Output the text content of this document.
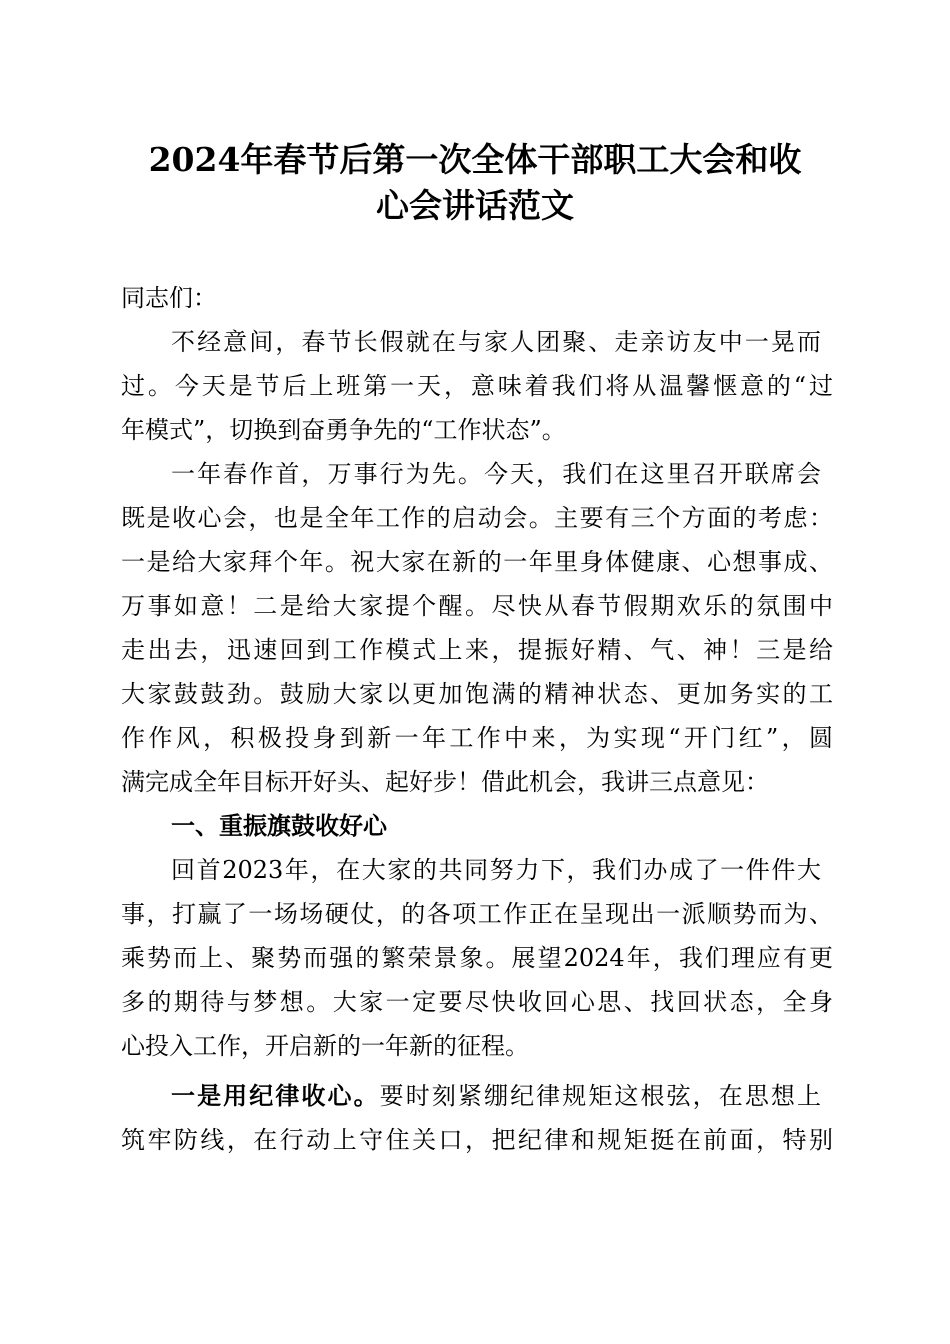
2024年春节后第一次全体干部职工大会和收
心会讲话范文
同志们：
不经意间，春节长假就在与家人团聚、走亲访友中一晃而
过。今天是节后上班第一天，意味着我们将从温馨惬意的“过
年模式”，切换到奋勇争先的“工作状态”。
一年春作首，万事行为先。今天，我们在这里召开联席会
既是收心会，也是全年工作的启动会。主要有三个方面的考虑：
一是给大家拜个年。祝大家在新的一年里身体健康、心想事成、
万事如意！二是给大家提个醒。尽快从春节假期欢乐的氛围中
走出去，迅速回到工作模式上来，提振好精、气、神！三是给
大家鼓鼓劲。鼓励大家以更加饱满的精神状态、更加务实的工
作作风，积极投身到新一年工作中来，为实现“开门红”，圆
满完成全年目标开好头、起好步！借此机会，我讲三点意见：
一、重振旗鼓收好心
回首2023年，在大家的共同努力下，我们办成了一件件大
事，打赢了一场场硬仗，的各项工作正在呈现出一派顺势而为、
乘势而上、聚势而强的繁荣景象。展望2024年，我们理应有更
多的期待与梦想。大家一定要尽快收回心思、找回状态，全身
心投入工作，开启新的一年新的征程。
一是用纪律收心。要时刻紧绷纪律规矩这根弦，在思想上
筑牢防线，在行动上守住关口，把纪律和规矩挺在前面，特别
